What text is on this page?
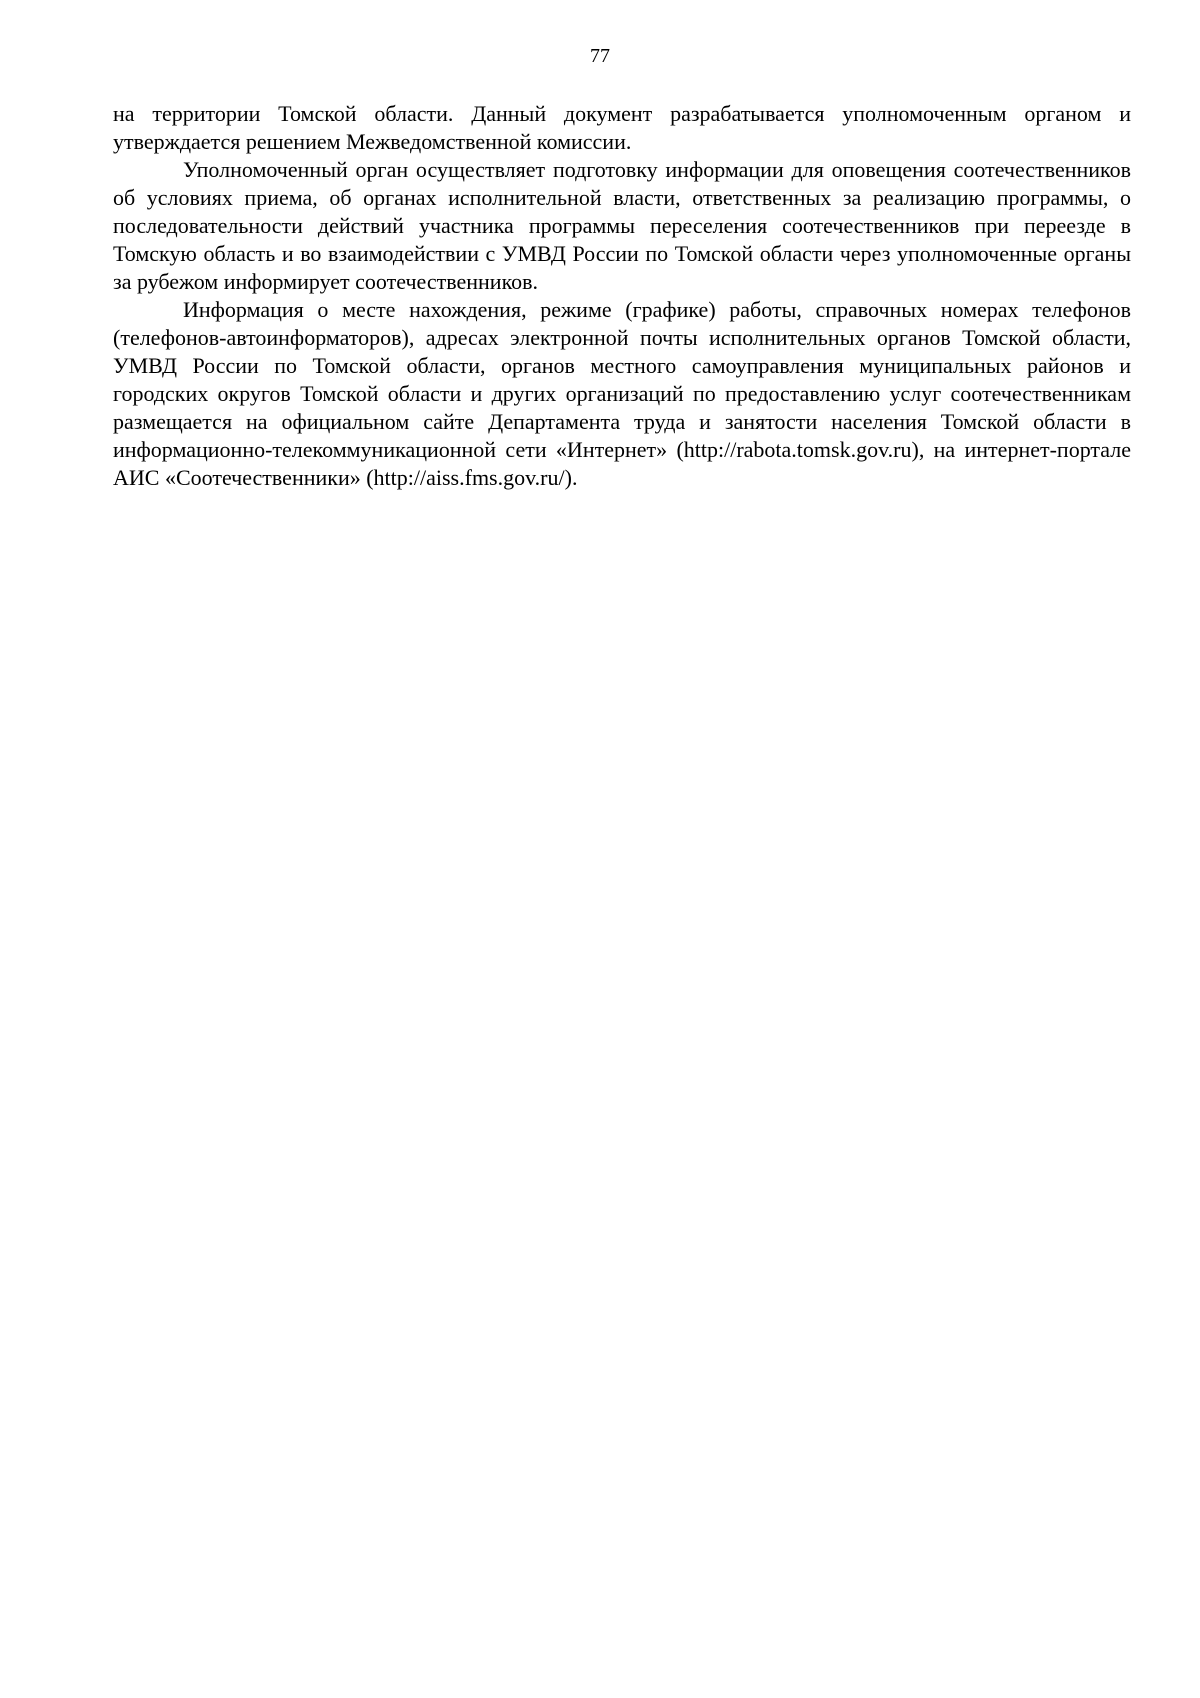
77

на территории Томской области. Данный документ разрабатывается уполномоченным органом и утверждается решением Межведомственной комиссии.

Уполномоченный орган осуществляет подготовку информации для оповещения соотечественников об условиях приема, об органах исполнительной власти, ответственных за реализацию программы, о последовательности действий участника программы переселения соотечественников при переезде в Томскую область и во взаимодействии с УМВД России по Томской области через уполномоченные органы за рубежом информирует соотечественников.

Информация о месте нахождения, режиме (графике) работы, справочных номерах телефонов (телефонов-автоинформаторов), адресах электронной почты исполнительных органов Томской области, УМВД России по Томской области, органов местного самоуправления муниципальных районов и городских округов Томской области и других организаций по предоставлению услуг соотечественникам размещается на официальном сайте Департамента труда и занятости населения Томской области в информационно-телекоммуникационной сети «Интернет» (http://rabota.tomsk.gov.ru), на интернет-портале АИС «Соотечественники» (http://aiss.fms.gov.ru/).
